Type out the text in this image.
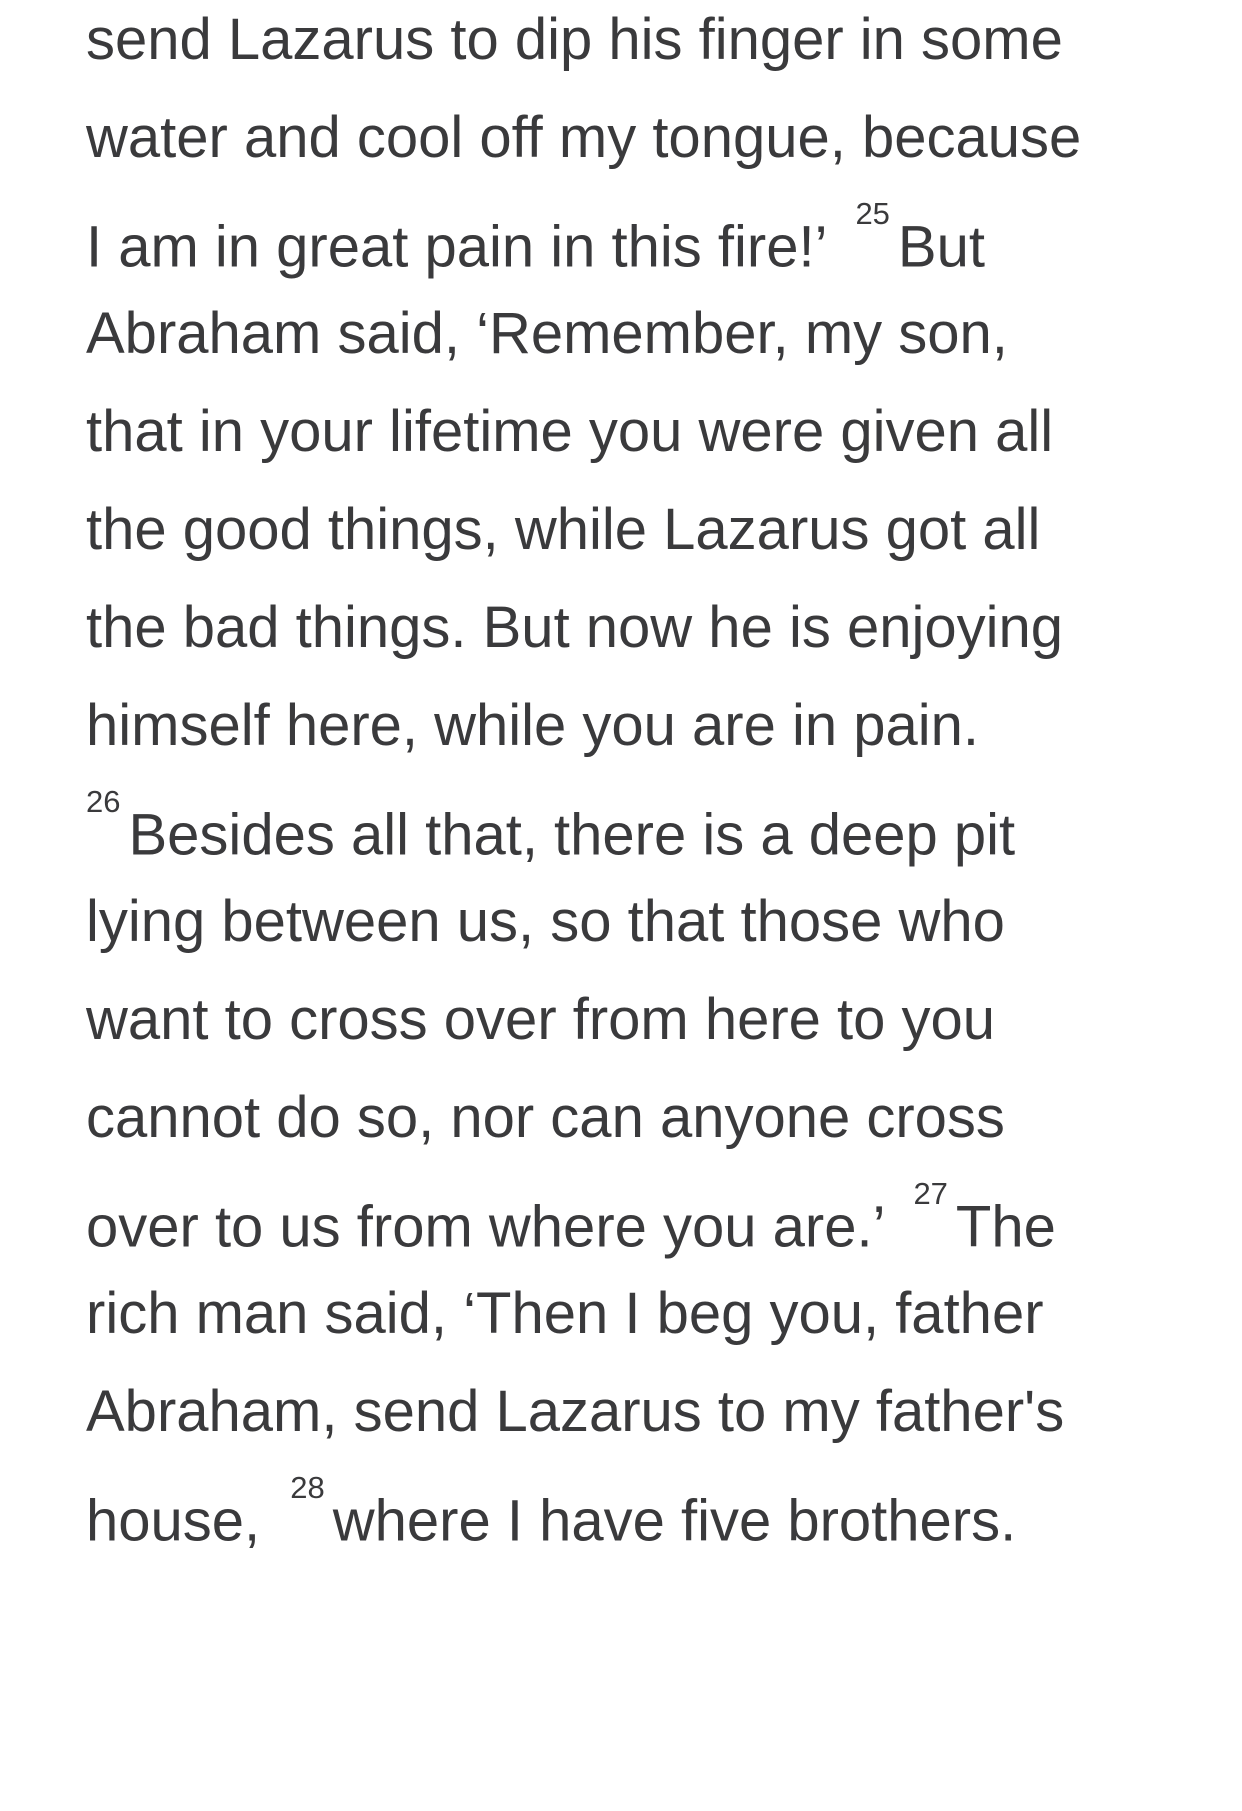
send Lazarus to dip his finger in some
water and cool off my tongue, because
I am in great pain in this fire!’ $^{25}$But
Abraham said, ‘Remember, my son,
that in your lifetime you were given all
the good things, while Lazarus got all
the bad things. But now he is enjoying
himself here, while you are in pain.
$^{26}$Besides all that, there is a deep pit
lying between us, so that those who
want to cross over from here to you
cannot do so, nor can anyone cross
over to us from where you are.’ $^{27}$The
rich man said, ‘Then I beg you, father
Abraham, send Lazarus to my father's
house, $^{28}$where I have five brothers.
